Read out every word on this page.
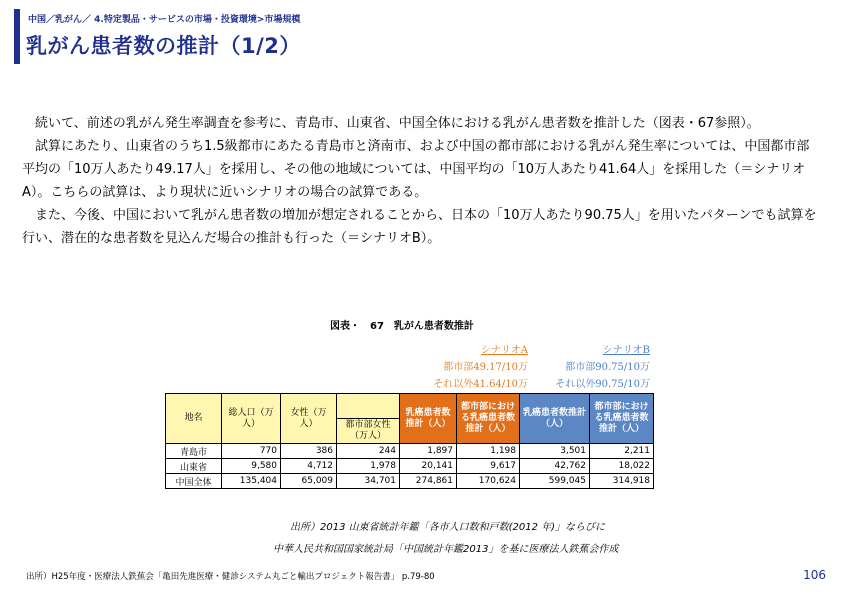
中国／乳がん／ 4.特定製品・サービスの市場・投資環境>市場規模
乳がん患者数の推計（1/2）

続いて、前述の乳がん発生率調査を参考に、青島市、山東省、中国全体における乳がん患者数を推計した（図表・67参照）。

試算にあたり、山東省のうち1.5級都市にあたる青島市と済南市、および中国の都市部における乳がん発生率については、中国都市部平均の「10万人あたり49.17人」を採用し、その他の地域については、中国平均の「10万人あたり41.64人」を採用した（＝シナリオA）。こちらの試算は、より現状に近いシナリオの場合の試算である。

また、今後、中国において乳がん患者数の増加が想定されることから、日本の「10万人あたり90.75人」を用いたパターンでも試算を行い、潜在的な患者数を見込んだ場合の推計も行った（＝シナリオB）。

図表・　67　乳がん患者数推計
シナリオA
都市部49.17/10万
それ以外41.64/10万
シナリオB
都市部90.75/10万
それ以外90.75/10万
地名	総人口（万人）	女性（万人）		乳癌患者数推計（人）	都市部における乳癌患者数推計（人）	乳癌患者数推計（人）	都市部における乳癌患者数推計（人）
			都市部女性（万人）				
青島市	770	386	244	1,897	1,198	3,501	2,211
山東省	9,580	4,712	1,978	20,141	9,617	42,762	18,022
中国全体	135,404	65,009	34,701	274,861	170,624	599,045	314,918
出所）2013 山東省統計年鑑「各市人口数和戸数(2012 年)」ならびに
中華人民共和国国家統計局「中国統計年鑑2013」を基に医療法人鉄蕉会作成
出所）H25年度・医療法人鉄蕉会「亀田先進医療・健診システム丸ごと輸出プロジェクト報告書」 p.79-80	106
